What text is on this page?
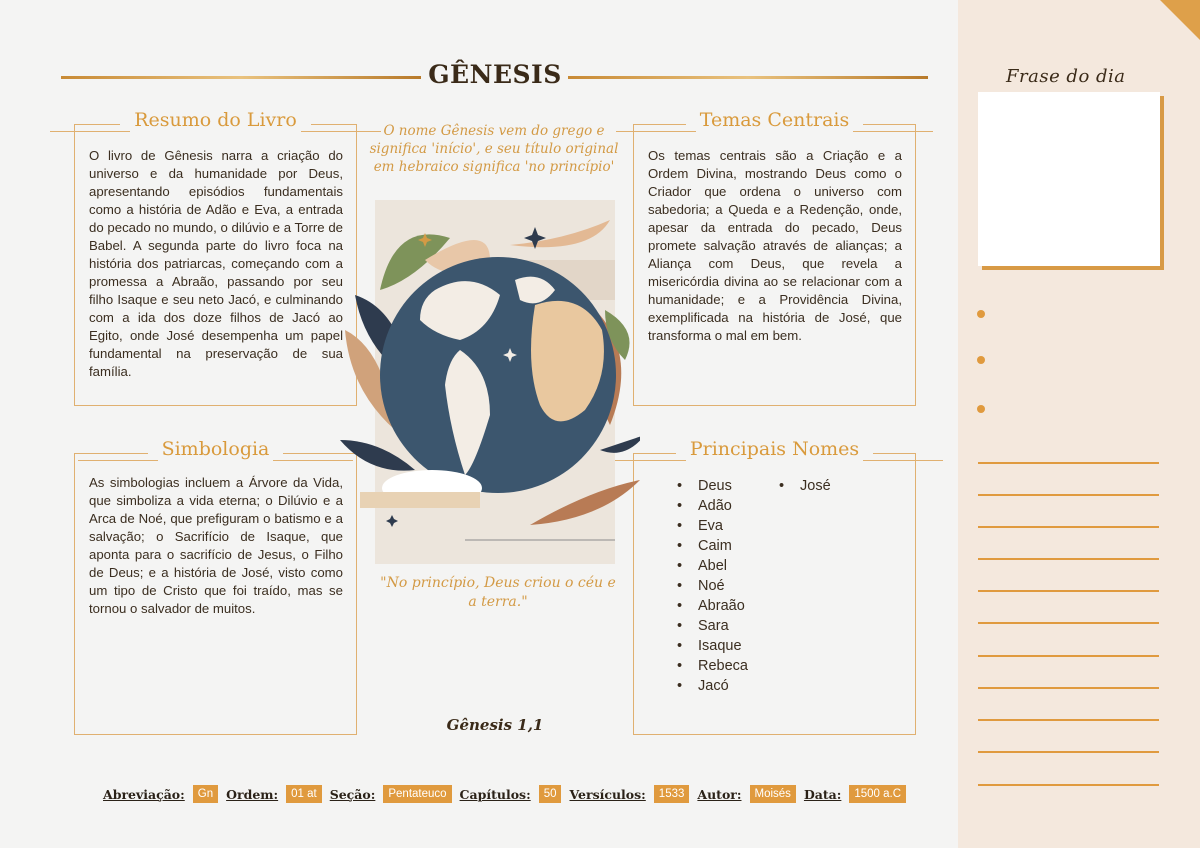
GÊNESIS
Resumo do Livro

O livro de Gênesis narra a criação do universo e da humanidade por Deus, apresentando episódios fundamentais como a história de Adão e Eva, a entrada do pecado no mundo, o dilúvio e a Torre de Babel. A segunda parte do livro foca na história dos patriarcas, começando com a promessa a Abraão, passando por seu filho Isaque e seu neto Jacó, e culminando com a ida dos doze filhos de Jacó ao Egito, onde José desempenha um papel fundamental na preservação de sua família.

Temas Centrais

Os temas centrais são a Criação e a Ordem Divina, mostrando Deus como o Criador que ordena o universo com sabedoria; a Queda e a Redenção, onde, apesar da entrada do pecado, Deus promete salvação através de alianças; a Aliança com Deus, que revela a misericórdia divina ao se relacionar com a humanidade; e a Providência Divina, exemplificada na história de José, que transforma o mal em bem.

Simbologia

As simbologias incluem a Árvore da Vida, que simboliza a vida eterna; o Dilúvio e a Arca de Noé, que prefiguram o batismo e a salvação; o Sacrifício de Isaque, que aponta para o sacrifício de Jesus, o Filho de Deus; e a história de José, visto como um tipo de Cristo que foi traído, mas se tornou o salvador de muitos.

Principais Nomes
• Deus
• Adão
• Eva
• Caim
• Abel
• Noé
• Abraão
• Sara
• Isaque
• Rebeca
• Jacó
• José
O nome Gênesis vem do grego e significa 'início', e seu título original em hebraico significa 'no princípio'
"No princípio, Deus criou o céu e a terra."
Gênesis 1,1
Abreviação:	Gn	Ordem:	01 at	Seção:	Pentateuco	Capítulos:	50	Versículos:	1533	Autor:	Moisés	Data:	1500 a.C
Frase do dia
